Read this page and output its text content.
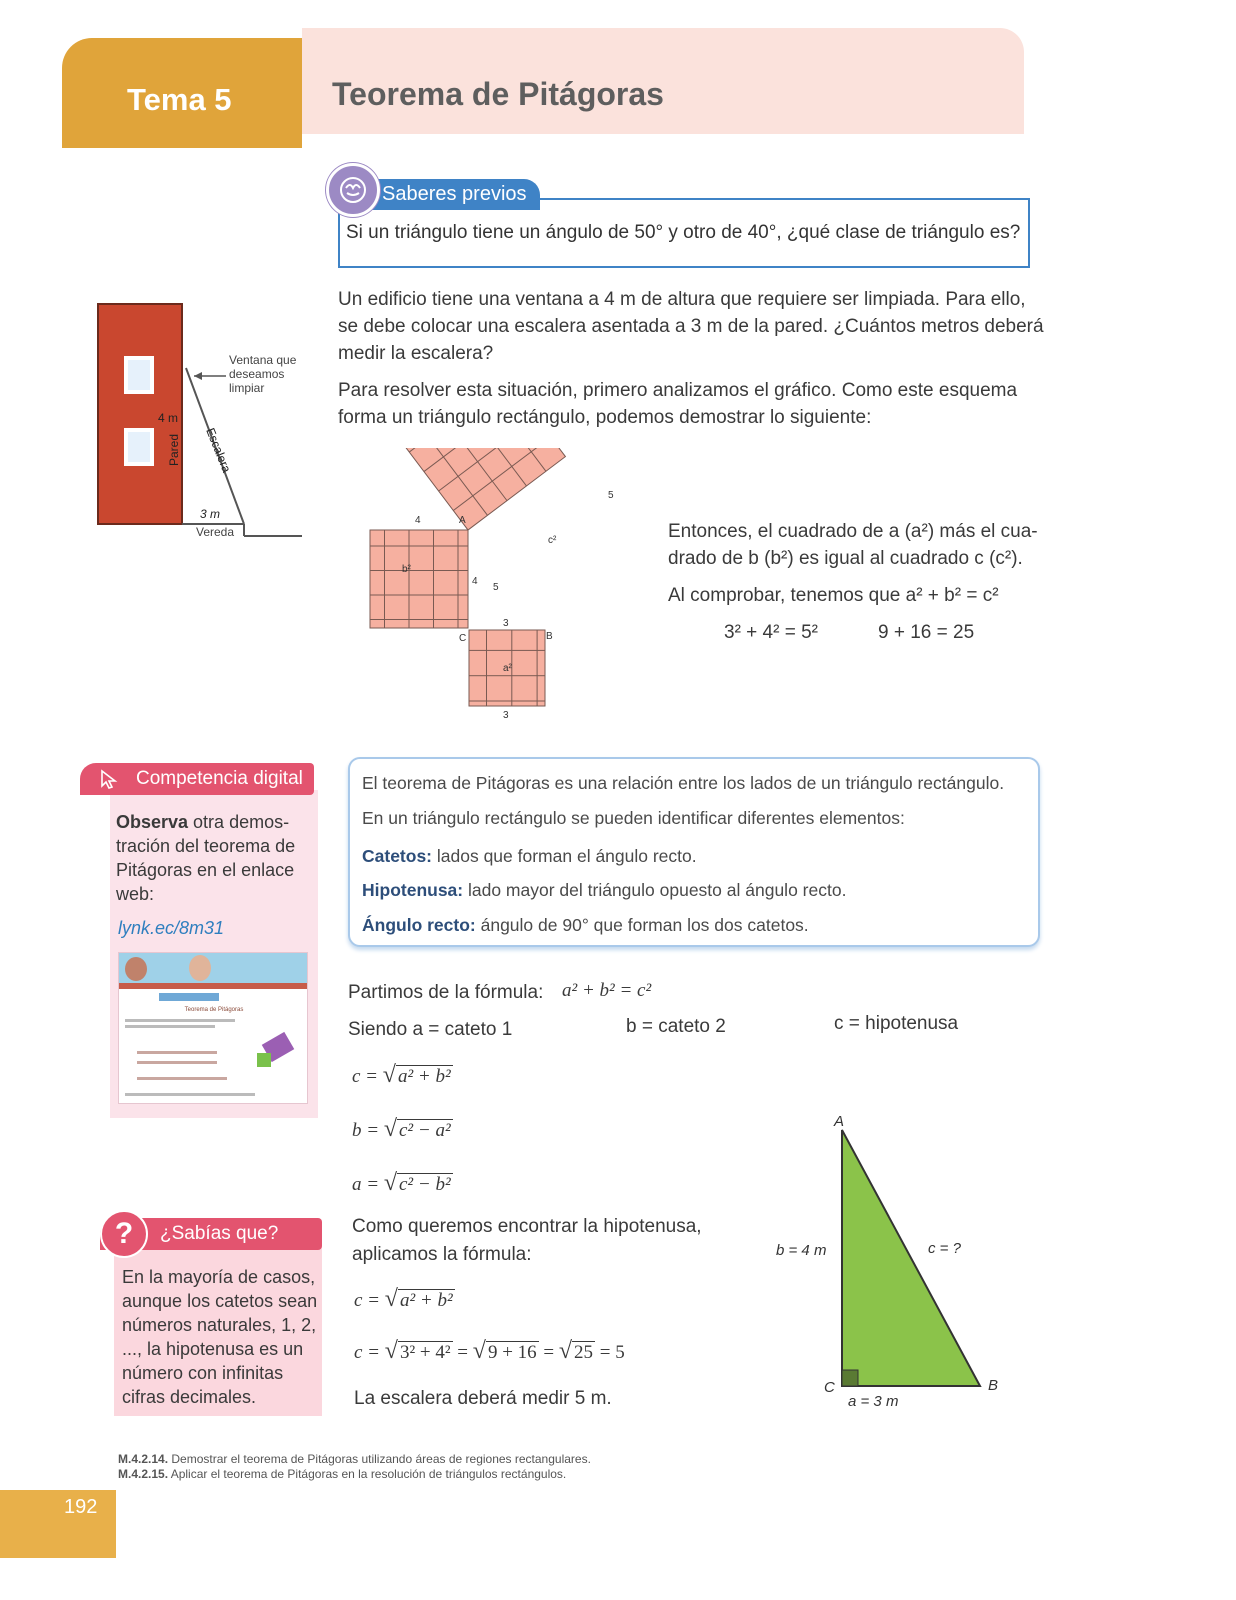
Teorema de Pitágoras
Tema 5
Si un triángulo tiene un ángulo de 50° y otro de 40°, ¿qué clase de triángulo es?
Saberes previos
Un edificio tiene una ventana a 4 m de altura que requiere ser limpiada. Para ello,
se debe colocar una escalera asentada a 3 m de la pared. ¿Cuántos metros deberá
medir la escalera?
Para resolver esta situación, primero analizamos el gráfico. Como este esquema
forma un triángulo rectángulo, podemos demostrar lo siguiente:
Ventana que
deseamos
limpiar
4 m
Pared Escalera
3 m
Vereda
4	A
5
b²
c²
4
5
3
C	B
a²
3
Entonces, el cuadrado de a (a²) más el cua-
drado de b (b²) es igual al cuadrado c (c²).
Al comprobar, tenemos que a² + b² = c²
3² + 4² = 5²	9 + 16 = 25
Competencia digital
Observa otra demos-tración del teorema de Pitágoras en el enlace web:
lynk.ec/8m31
Teorema de Pitágoras
El teorema de Pitágoras es una relación entre los lados de un triángulo rectángulo.
En un triángulo rectángulo se pueden identificar diferentes elementos:
Catetos: lados que forman el ángulo recto.
Hipotenusa: lado mayor del triángulo opuesto al ángulo recto.
Ángulo recto: ángulo de 90° que forman los dos catetos.
Partimos de la fórmula: a² + b² = c²
Siendo a = cateto 1	b = cateto 2	c = hipotenusa
c = √ a² + b²
b = √ c² − a²
a = √ c² − b²
Como queremos encontrar la hipotenusa,
aplicamos la fórmula:
c = √ a² + b²
c = √ 3² + 4² = √ 9 + 16 = √ 25 = 5
La escalera deberá medir 5 m.
A
C	B
b = 4 m	c = ?
a = 3 m
¿Sabías que?
?
En la mayoría de casos, aunque los catetos sean números naturales, 1, 2, ..., la hipotenusa es un número con infinitas cifras decimales.
M.4.2.14. Demostrar el teorema de Pitágoras utilizando áreas de regiones rectangulares.
M.4.2.15. Aplicar el teorema de Pitágoras en la resolución de triángulos rectángulos.
192
